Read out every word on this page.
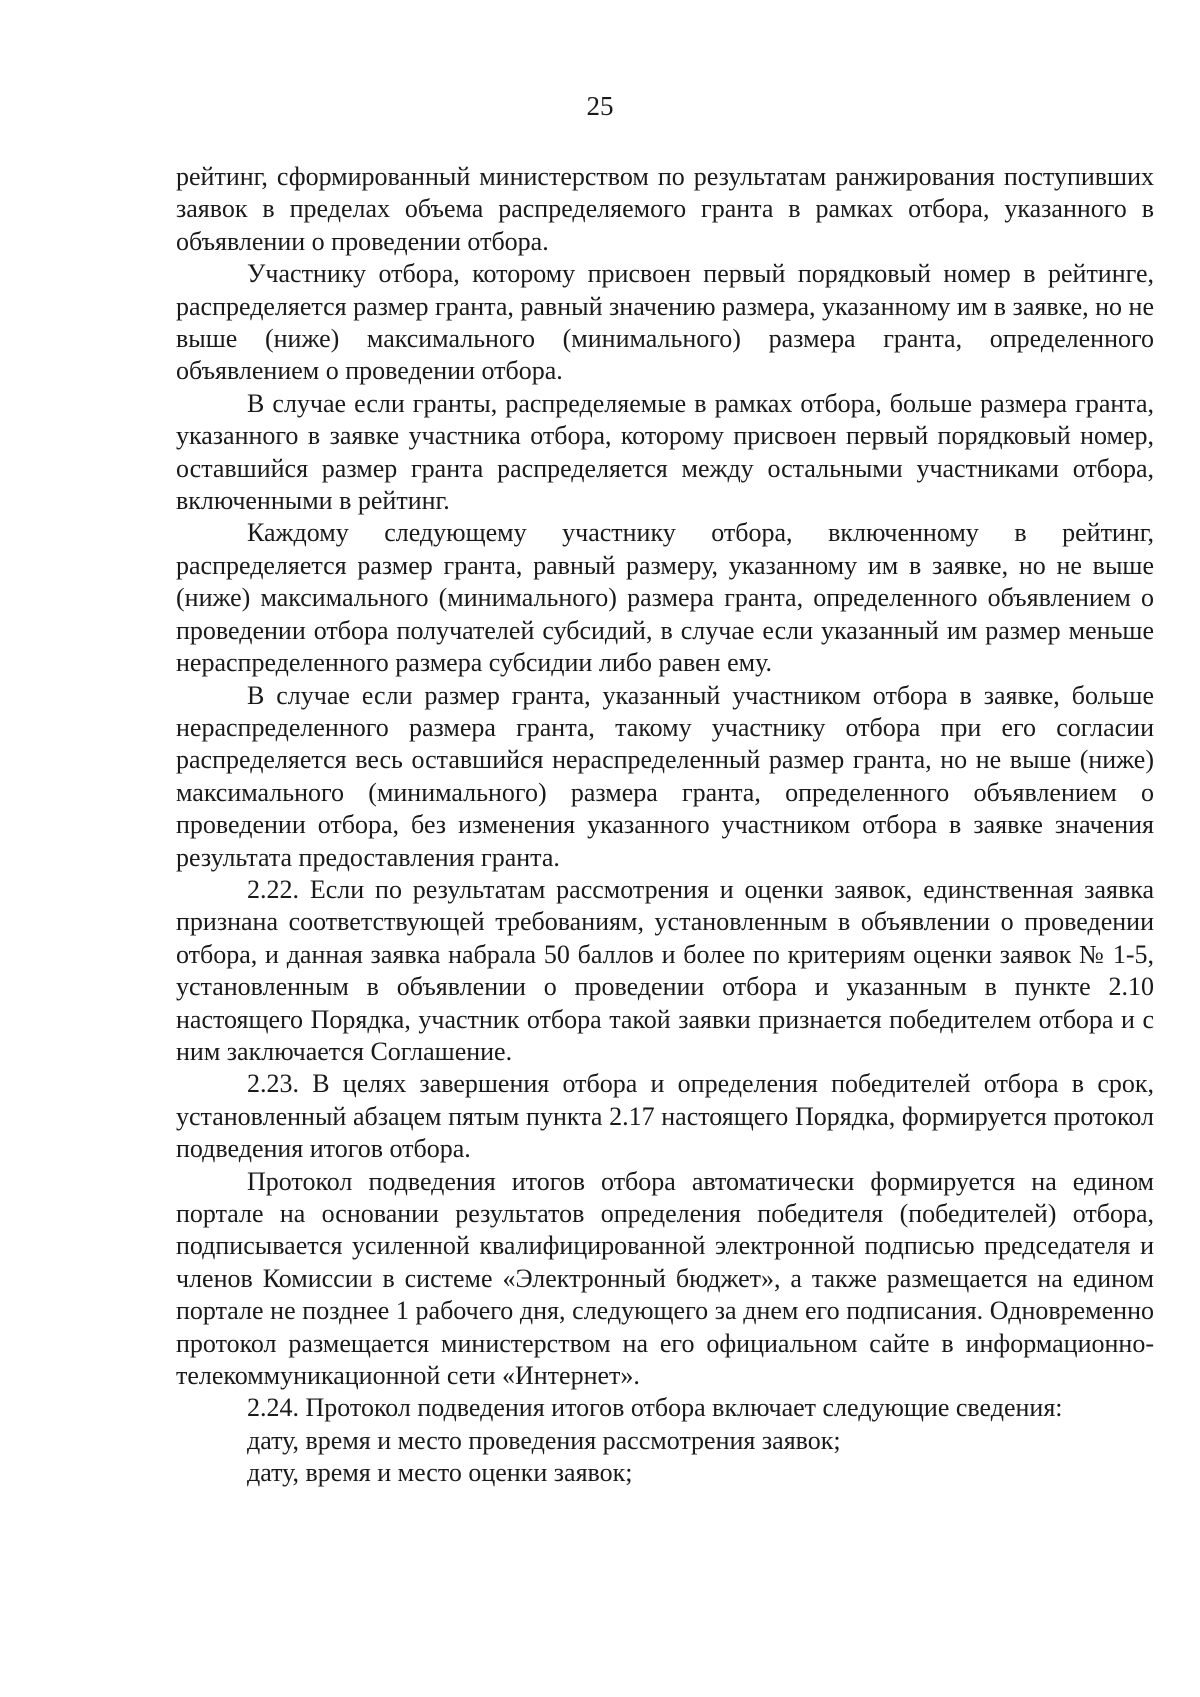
25

рейтинг, сформированный министерством по результатам ранжирования поступивших заявок в пределах объема распределяемого гранта в рамках отбора, указанного в объявлении о проведении отбора.

Участнику отбора, которому присвоен первый порядковый номер в рейтинге, распределяется размер гранта, равный значению размера, указанному им в заявке, но не выше (ниже) максимального (минимального) размера гранта, определенного объявлением о проведении отбора.

В случае если гранты, распределяемые в рамках отбора, больше размера гранта, указанного в заявке участника отбора, которому присвоен первый порядковый номер, оставшийся размер гранта распределяется между остальными участниками отбора, включенными в рейтинг.

Каждому следующему участнику отбора, включенному в рейтинг, распределяется размер гранта, равный размеру, указанному им в заявке, но не выше (ниже) максимального (минимального) размера гранта, определенного объявлением о проведении отбора получателей субсидий, в случае если указанный им размер меньше нераспределенного размера субсидии либо равен ему.

В случае если размер гранта, указанный участником отбора в заявке, больше нераспределенного размера гранта, такому участнику отбора при его согласии распределяется весь оставшийся нераспределенный размер гранта, но не выше (ниже) максимального (минимального) размера гранта, определенного объявлением о проведении отбора, без изменения указанного участником отбора в заявке значения результата предоставления гранта.

2.22. Если по результатам рассмотрения и оценки заявок, единственная заявка признана соответствующей требованиям, установленным в объявлении о проведении отбора, и данная заявка набрала 50 баллов и более по критериям оценки заявок № 1-5, установленным в объявлении о проведении отбора и указанным в пункте 2.10 настоящего Порядка, участник отбора такой заявки признается победителем отбора и с ним заключается Соглашение.

2.23. В целях завершения отбора и определения победителей отбора в срок, установленный абзацем пятым пункта 2.17 настоящего Порядка, формируется протокол подведения итогов отбора.

Протокол подведения итогов отбора автоматически формируется на едином портале на основании результатов определения победителя (победителей) отбора, подписывается усиленной квалифицированной электронной подписью председателя и членов Комиссии в системе «Электронный бюджет», а также размещается на едином портале не позднее 1 рабочего дня, следующего за днем его подписания. Одновременно протокол размещается министерством на его официальном сайте в информационно-телекоммуникационной сети «Интернет».

2.24. Протокол подведения итогов отбора включает следующие сведения:

дату, время и место проведения рассмотрения заявок;

дату, время и место оценки заявок;
